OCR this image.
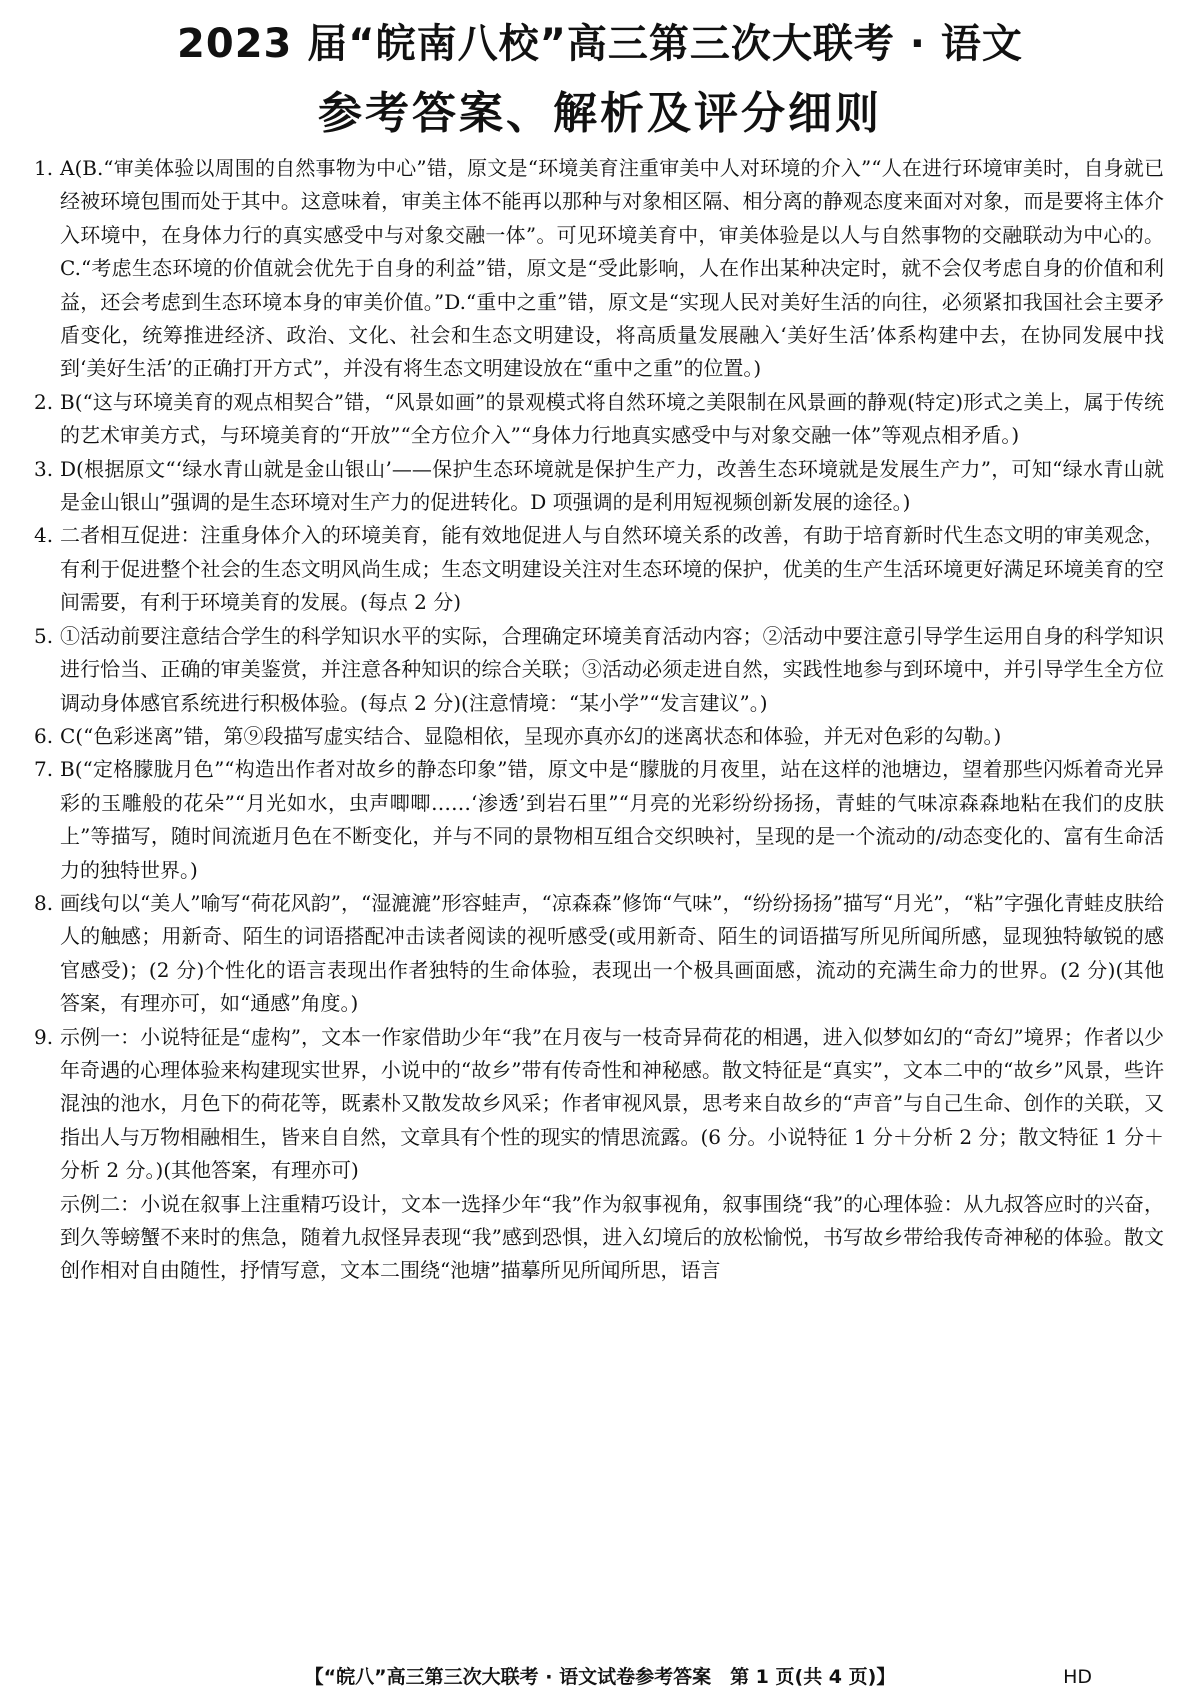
2023 届“皖南八校”高三第三次大联考 · 语文
参考答案、解析及评分细则
1. A(B.“审美体验以周围的自然事物为中心”错，原文是“环境美育注重审美中人对环境的介入”“人在进行环境审美时，自身就已经被环境包围而处于其中。这意味着，审美主体不能再以那种与对象相区隔、相分离的静观态度来面对对象，而是要将主体介入环境中，在身体力行的真实感受中与对象交融一体”。可见环境美育中，审美体验是以人与自然事物的交融联动为中心的。C.“考虑生态环境的价值就会优先于自身的利益”错，原文是“受此影响，人在作出某种决定时，就不会仅考虑自身的价值和利益，还会考虑到生态环境本身的审美价值。”D.“重中之重”错，原文是“实现人民对美好生活的向往，必须紧扣我国社会主要矛盾变化，统筹推进经济、政治、文化、社会和生态文明建设，将高质量发展融入‘美好生活’体系构建中去，在协同发展中找到‘美好生活’的正确打开方式”，并没有将生态文明建设放在“重中之重”的位置。)
2. B(“这与环境美育的观点相契合”错，“风景如画”的景观模式将自然环境之美限制在风景画的静观(特定)形式之美上，属于传统的艺术审美方式，与环境美育的“开放”“全方位介入”“身体力行地真实感受中与对象交融一体”等观点相矛盾。)
3. D(根据原文“‘绿水青山就是金山银山’——保护生态环境就是保护生产力，改善生态环境就是发展生产力”，可知“绿水青山就是金山银山”强调的是生态环境对生产力的促进转化。D 项强调的是利用短视频创新发展的途径。)
4. 二者相互促进：注重身体介入的环境美育，能有效地促进人与自然环境关系的改善，有助于培育新时代生态文明的审美观念，有利于促进整个社会的生态文明风尚生成；生态文明建设关注对生态环境的保护，优美的生产生活环境更好满足环境美育的空间需要，有利于环境美育的发展。(每点 2 分)
5. ①活动前要注意结合学生的科学知识水平的实际，合理确定环境美育活动内容；②活动中要注意引导学生运用自身的科学知识进行恰当、正确的审美鉴赏，并注意各种知识的综合关联；③活动必须走进自然，实践性地参与到环境中，并引导学生全方位调动身体感官系统进行积极体验。(每点 2 分)(注意情境：“某小学”“发言建议”。)
6. C(“色彩迷离”错，第⑨段描写虚实结合、显隐相依，呈现亦真亦幻的迷离状态和体验，并无对色彩的勾勒。)
7. B(“定格朦胧月色”“构造出作者对故乡的静态印象”错，原文中是“朦胧的月夜里，站在这样的池塘边，望着那些闪烁着奇光异彩的玉雕般的花朵”“月光如水，虫声唧唧……‘渗透’到岩石里”“月亮的光彩纷纷扬扬，青蛙的气味凉森森地粘在我们的皮肤上”等描写，随时间流逝月色在不断变化，并与不同的景物相互组合交织映衬，呈现的是一个流动的/动态变化的、富有生命活力的独特世界。)
8. 画线句以“美人”喻写“荷花风韵”，“湿漉漉”形容蛙声，“凉森森”修饰“气味”，“纷纷扬扬”描写“月光”，“粘”字强化青蛙皮肤给人的触感；用新奇、陌生的词语搭配冲击读者阅读的视听感受(或用新奇、陌生的词语描写所见所闻所感，显现独特敏锐的感官感受)；(2 分)个性化的语言表现出作者独特的生命体验，表现出一个极具画面感，流动的充满生命力的世界。(2 分)(其他答案，有理亦可，如“通感”角度。)
9. 示例一：小说特征是“虚构”，文本一作家借助少年“我”在月夜与一枝奇异荷花的相遇，进入似梦如幻的“奇幻”境界；作者以少年奇遇的心理体验来构建现实世界，小说中的“故乡”带有传奇性和神秘感。散文特征是“真实”，文本二中的“故乡”风景，些许混浊的池水，月色下的荷花等，既素朴又散发故乡风采；作者审视风景，思考来自故乡的“声音”与自己生命、创作的关联，又指出人与万物相融相生，皆来自自然，文章具有个性的现实的情思流露。(6 分。小说特征 1 分＋分析 2 分；散文特征 1 分＋分析 2 分。)(其他答案，有理亦可)
示例二：小说在叙事上注重精巧设计，文本一选择少年“我”作为叙事视角，叙事围绕“我”的心理体验：从九叔答应时的兴奋，到久等螃蟹不来时的焦急，随着九叔怪异表现“我”感到恐惧，进入幻境后的放松愉悦，书写故乡带给我传奇神秘的体验。散文创作相对自由随性，抒情写意，文本二围绕“池塘”描摹所见所闻所思，语言
【“皖八”高三第三次大联考 · 语文试卷参考答案　第 1 页(共 4 页)】	HD
